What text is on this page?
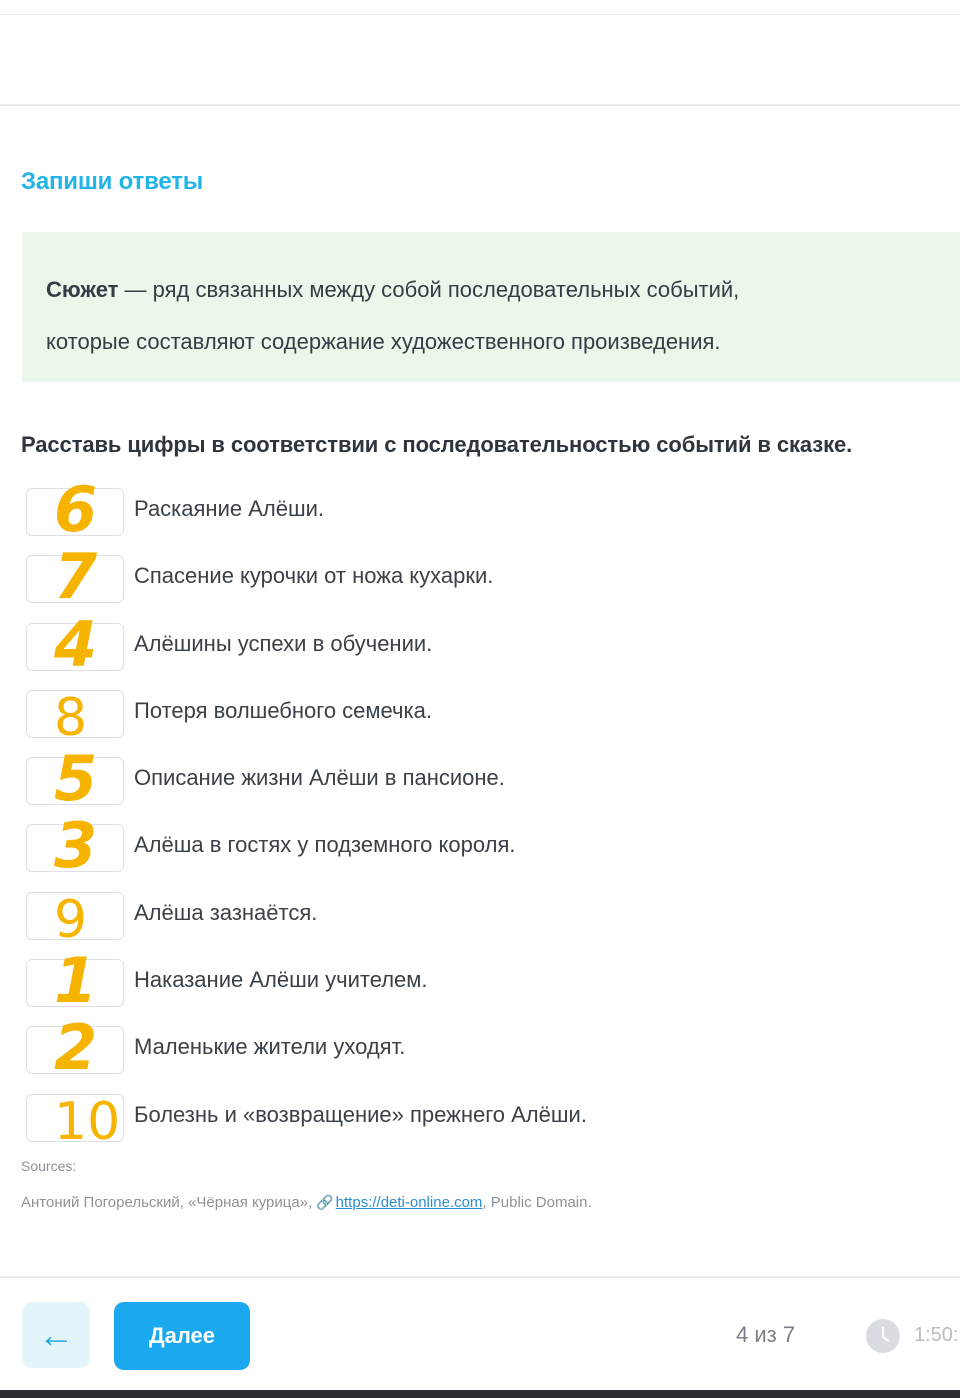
Запиши ответы
Сюжет — ряд связанных между собой последовательных событий,
которые составляют содержание художественного произведения.
Расставь цифры в соответствии с последовательностью событий в сказке.
6 Раскаяние Алёши.
7 Спасение курочки от ножа кухарки.
4 Алёшины успехи в обучении.
8 Потеря волшебного семечка.
5 Описание жизни Алёши в пансионе.
3 Алёша в гостях у подземного короля.
9 Алёша зазнаётся.
1 Наказание Алёши учителем.
2 Маленькие жители уходят.
10 Болезнь и «возвращение» прежнего Алёши.
Sources:
Антоний Погорельский, «Чёрная курица», 🔗 https://deti-online.com, Public Domain.
←	Далее	4 из 7	1:50:
